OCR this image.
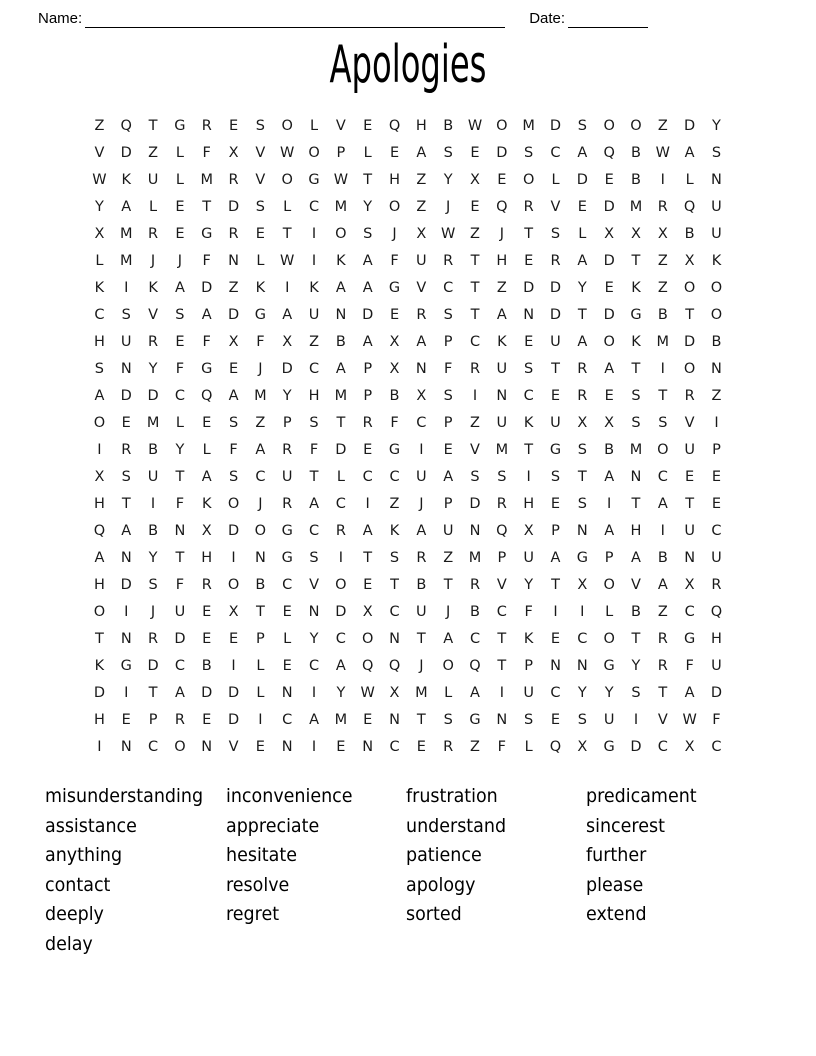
Name:	Date:
Apologies
Z	Q	T	G	R	E	S	O	L	V	E	Q	H	B	W O	M	D	S	O	O	Z	D	Y
V	D	Z	L	F	X	V	W O	P	L	E	A	S	E	D	S	C	A	Q	B	W	A	S
W	K	U	L	M	R	V	O	G W	T	H	Z	Y	X	E	O	L	D	E	B	I	L	N
Y	A	L	E	T	D	S	L	C	M	Y	O	Z	J	E	Q	R	V	E	D	M	R	Q	U
X	M	R	E	G	R	E	T	I	O	S	J	X	W	Z	J	T	S	L	X	X	X	B	U
L	M	J	J	F	N	L	W	I	K	A	F	U	R	T	H	E	R	A	D	T	Z	X	K
K	I	K	A	D	Z	K	I	K	A	A	G	V	C	T	Z	D	D	Y	E	K	Z	O	O
C	S	V	S	A	D	G	A	U	N	D	E	R	S	T	A	N	D	T	D	G	B	T	O
H	U	R	E	F	X	F	X	Z	B	A	X	A	P	C	K	E	U	A	O	K	M	D	B
S	N	Y	F	G	E	J	D	C	A	P	X	N	F	R	U	S	T	R	A	T	I	O	N
A	D	D	C	Q	A	M	Y	H	M	P	B	X	S	I	N	C	E	R	E	S	T	R	Z
O	E	M	L	E	S	Z	P	S	T	R	F	C	P	Z	U	K	U	X	X	S	S	V	I
I	R	B	Y	L	F	A	R	F	D	E	G	I	E	V	M	T	G	S	B	M	O	U	P
X	S	U	T	A	S	C	U	T	L	C	C	U	A	S	S	I	S	T	A	N	C	E	E
H	T	I	F	K	O	J	R	A	C	I	Z	J	P	D	R	H	E	S	I	T	A	T	E
Q	A	B	N	X	D	O	G	C	R	A	K	A	U	N	Q	X	P	N	A	H	I	U	C
A	N	Y	T	H	I	N	G	S	I	T	S	R	Z	M	P	U	A	G	P	A	B	N	U
H	D	S	F	R	O	B	C	V	O	E	T	B	T	R	V	Y	T	X	O	V	A	X	R
O	I	J	U	E	X	T	E	N	D	X	C	U	J	B	C	F	I	I	L	B	Z	C	Q
T	N	R	D	E	E	P	L	Y	C	O	N	T	A	C	T	K	E	C	O	T	R	G	H
K	G	D	C	B	I	L	E	C	A	Q	Q	J	O	Q	T	P	N	N	G	Y	R	F	U
D	I	T	A	D	D	L	N	I	Y	W	X	M	L	A	I	U	C	Y	Y	S	T	A	D
H	E	P	R	E	D	I	C	A	M	E	N	T	S	G	N	S	E	S	U	I	V	W	F
I	N	C	O	N	V	E	N	I	E	N	C	E	R	Z	F	L	Q	X	G	D	C	X	C
misunderstanding
assistance
anything
contact
deeply
delay
inconvenience
appreciate
hesitate
resolve
regret
frustration
understand
patience
apology
sorted
predicament
sincerest
further
please
extend
